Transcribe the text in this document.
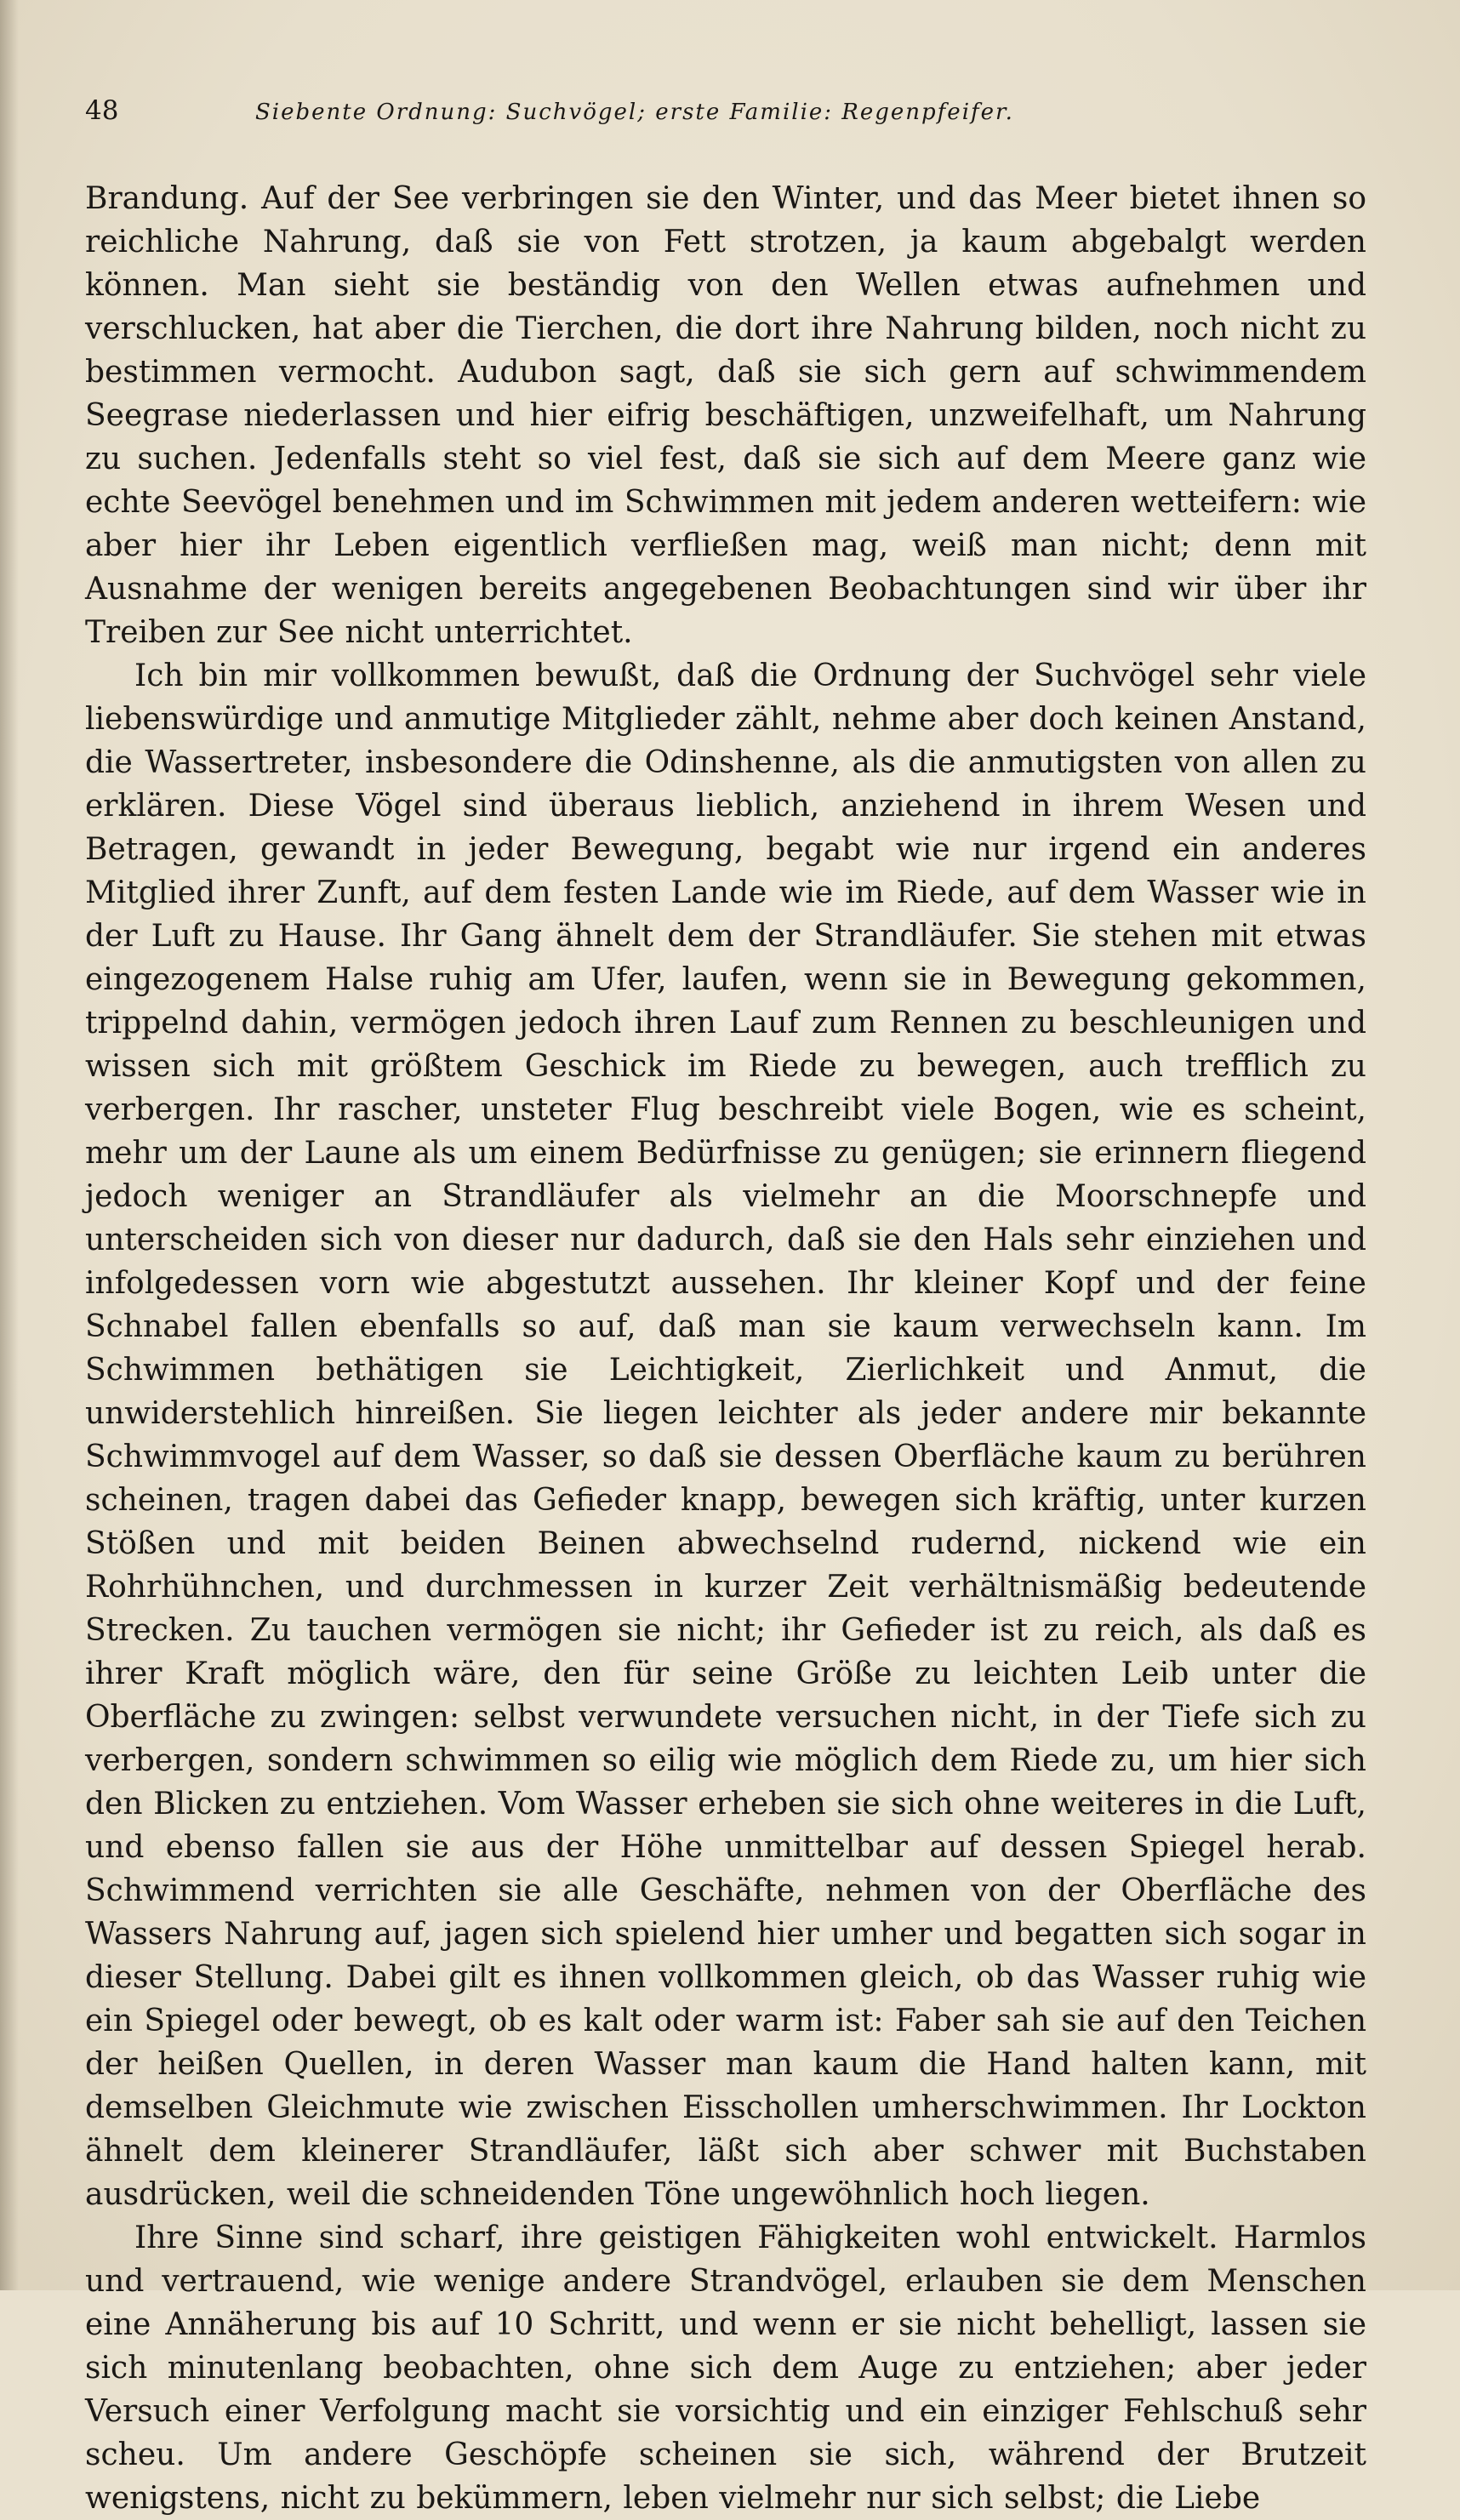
48	Siebente Ordnung: Suchvögel; erste Familie: Regenpfeifer.

Brandung. Auf der See verbringen sie den Winter, und das Meer bietet ihnen so reichliche Nahrung, daß sie von Fett strotzen, ja kaum abgebalgt werden können. Man sieht sie beständig von den Wellen etwas aufnehmen und verschlucken, hat aber die Tierchen, die dort ihre Nahrung bilden, noch nicht zu bestimmen vermocht. Audubon sagt, daß sie sich gern auf schwimmendem Seegrase niederlassen und hier eifrig beschäftigen, unzweifelhaft, um Nahrung zu suchen. Jedenfalls steht so viel fest, daß sie sich auf dem Meere ganz wie echte Seevögel benehmen und im Schwimmen mit jedem anderen wetteifern: wie aber hier ihr Leben eigentlich verfließen mag, weiß man nicht; denn mit Ausnahme der wenigen bereits angegebenen Beobachtungen sind wir über ihr Treiben zur See nicht unterrichtet.

Ich bin mir vollkommen bewußt, daß die Ordnung der Suchvögel sehr viele liebenswürdige und anmutige Mitglieder zählt, nehme aber doch keinen Anstand, die Wassertreter, insbesondere die Odinshenne, als die anmutigsten von allen zu erklären. Diese Vögel sind überaus lieblich, anziehend in ihrem Wesen und Betragen, gewandt in jeder Bewegung, begabt wie nur irgend ein anderes Mitglied ihrer Zunft, auf dem festen Lande wie im Riede, auf dem Wasser wie in der Luft zu Hause. Ihr Gang ähnelt dem der Strandläufer. Sie stehen mit etwas eingezogenem Halse ruhig am Ufer, laufen, wenn sie in Bewegung gekommen, trippelnd dahin, vermögen jedoch ihren Lauf zum Rennen zu beschleunigen und wissen sich mit größtem Geschick im Riede zu bewegen, auch trefflich zu verbergen. Ihr rascher, unsteter Flug beschreibt viele Bogen, wie es scheint, mehr um der Laune als um einem Bedürfnisse zu genügen; sie erinnern fliegend jedoch weniger an Strandläufer als vielmehr an die Moorschnepfe und unterscheiden sich von dieser nur dadurch, daß sie den Hals sehr einziehen und infolgedessen vorn wie abgestutzt aussehen. Ihr kleiner Kopf und der feine Schnabel fallen ebenfalls so auf, daß man sie kaum verwechseln kann. Im Schwimmen bethätigen sie Leichtigkeit, Zierlichkeit und Anmut, die unwiderstehlich hinreißen. Sie liegen leichter als jeder andere mir bekannte Schwimmvogel auf dem Wasser, so daß sie dessen Oberfläche kaum zu berühren scheinen, tragen dabei das Gefieder knapp, bewegen sich kräftig, unter kurzen Stößen und mit beiden Beinen abwechselnd rudernd, nickend wie ein Rohrhühnchen, und durchmessen in kurzer Zeit verhältnismäßig bedeutende Strecken. Zu tauchen vermögen sie nicht; ihr Gefieder ist zu reich, als daß es ihrer Kraft möglich wäre, den für seine Größe zu leichten Leib unter die Oberfläche zu zwingen: selbst verwundete versuchen nicht, in der Tiefe sich zu verbergen, sondern schwimmen so eilig wie möglich dem Riede zu, um hier sich den Blicken zu entziehen. Vom Wasser erheben sie sich ohne weiteres in die Luft, und ebenso fallen sie aus der Höhe unmittelbar auf dessen Spiegel herab. Schwimmend verrichten sie alle Geschäfte, nehmen von der Oberfläche des Wassers Nahrung auf, jagen sich spielend hier umher und begatten sich sogar in dieser Stellung. Dabei gilt es ihnen vollkommen gleich, ob das Wasser ruhig wie ein Spiegel oder bewegt, ob es kalt oder warm ist: Faber sah sie auf den Teichen der heißen Quellen, in deren Wasser man kaum die Hand halten kann, mit demselben Gleichmute wie zwischen Eisschollen umherschwimmen. Ihr Lockton ähnelt dem kleinerer Strandläufer, läßt sich aber schwer mit Buchstaben ausdrücken, weil die schneidenden Töne ungewöhnlich hoch liegen.

Ihre Sinne sind scharf, ihre geistigen Fähigkeiten wohl entwickelt. Harmlos und vertrauend, wie wenige andere Strandvögel, erlauben sie dem Menschen eine Annäherung bis auf 10 Schritt, und wenn er sie nicht behelligt, lassen sie sich minutenlang beobachten, ohne sich dem Auge zu entziehen; aber jeder Versuch einer Verfolgung macht sie vorsichtig und ein einziger Fehlschuß sehr scheu. Um andere Geschöpfe scheinen sie sich, während der Brutzeit wenigstens, nicht zu bekümmern, leben vielmehr nur sich selbst; die Liebe
